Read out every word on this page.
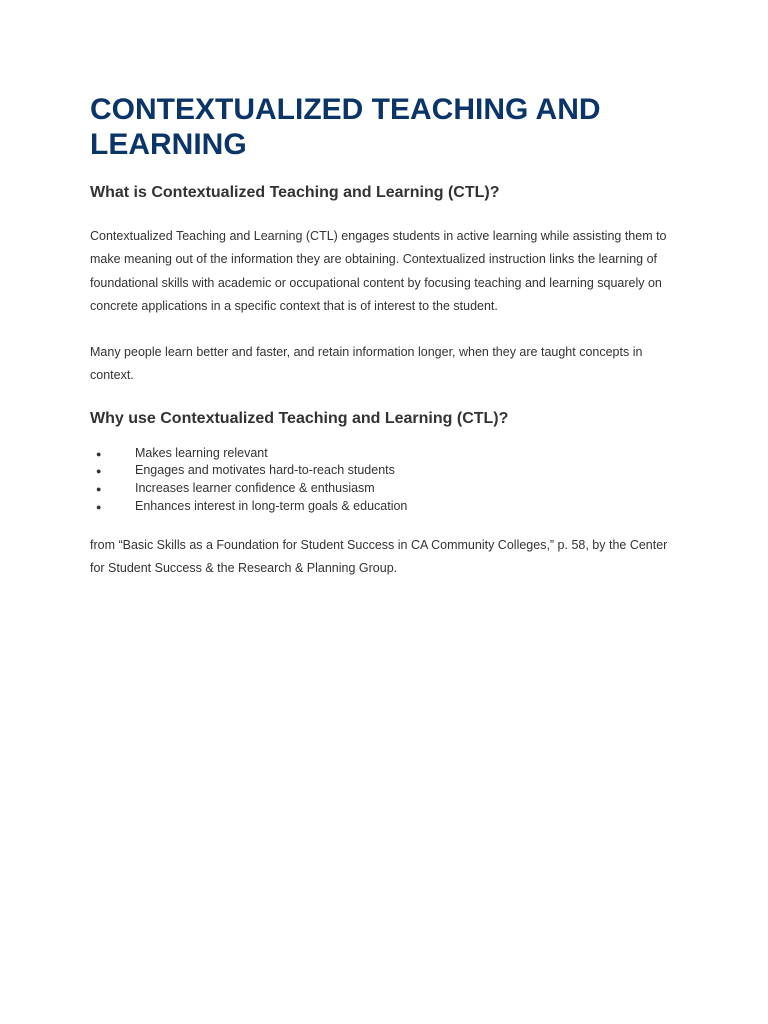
CONTEXTUALIZED TEACHING AND LEARNING
What is Contextualized Teaching and Learning (CTL)?

Contextualized Teaching and Learning (CTL) engages students in active learning while assisting them to make meaning out of the information they are obtaining. Contextualized instruction links the learning of foundational skills with academic or occupational content by focusing teaching and learning squarely on concrete applications in a specific context that is of interest to the student.

Many people learn better and faster, and retain information longer, when they are taught concepts in context.

Why use Contextualized Teaching and Learning (CTL)?
●	Makes learning relevant
●	Engages and motivates hard-to-reach students
●	Increases learner confidence & enthusiasm
●	Enhances interest in long-term goals & education

from “Basic Skills as a Foundation for Student Success in CA Community Colleges,” p. 58, by the Center for Student Success & the Research & Planning Group.
